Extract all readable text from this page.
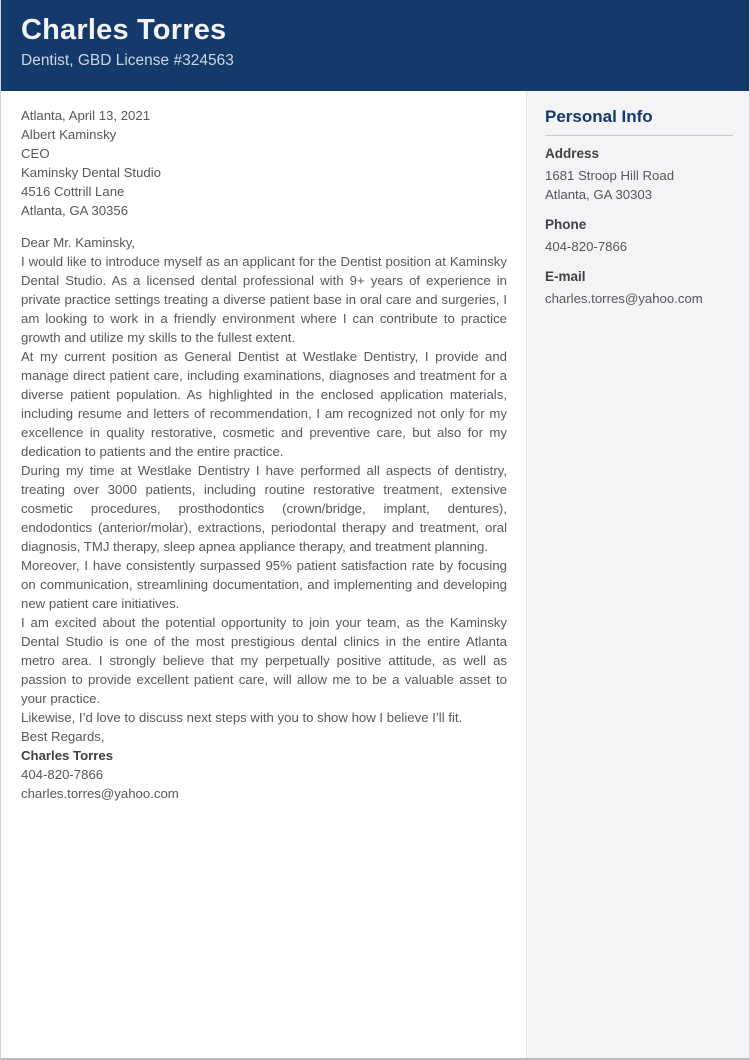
Charles Torres
Dentist, GBD License #324563

Atlanta, April 13, 2021

Albert Kaminsky
CEO
Kaminsky Dental Studio
4516 Cottrill Lane
Atlanta, GA 30356

Dear Mr. Kaminsky,

I would like to introduce myself as an applicant for the Dentist position at Kaminsky Dental Studio. As a licensed dental professional with 9+ years of experience in private practice settings treating a diverse patient base in oral care and surgeries, I am looking to work in a friendly environment where I can contribute to practice growth and utilize my skills to the fullest extent.

At my current position as General Dentist at Westlake Dentistry, I provide and manage direct patient care, including examinations, diagnoses and treatment for a diverse patient population. As highlighted in the enclosed application materials, including resume and letters of recommendation, I am recognized not only for my excellence in quality restorative, cosmetic and preventive care, but also for my dedication to patients and the entire practice.

During my time at Westlake Dentistry I have performed all aspects of dentistry, treating over 3000 patients, including routine restorative treatment, extensive cosmetic procedures, prosthodontics (crown/bridge, implant, dentures), endodontics (anterior/molar), extractions, periodontal therapy and treatment, oral diagnosis, TMJ therapy, sleep apnea appliance therapy, and treatment planning.

Moreover, I have consistently surpassed 95% patient satisfaction rate by focusing on communication, streamlining documentation, and implementing and developing new patient care initiatives.

I am excited about the potential opportunity to join your team, as the Kaminsky Dental Studio is one of the most prestigious dental clinics in the entire Atlanta metro area. I strongly believe that my perpetually positive attitude, as well as passion to provide excellent patient care, will allow me to be a valuable asset to your practice.

Likewise, I’d love to discuss next steps with you to show how I believe I’ll fit.

Best Regards,

Charles Torres
404-820-7866
charles.torres@yahoo.com
Personal Info
Address
1681 Stroop Hill Road
Atlanta, GA 30303
Phone
404-820-7866
E-mail
charles.torres@yahoo.com
